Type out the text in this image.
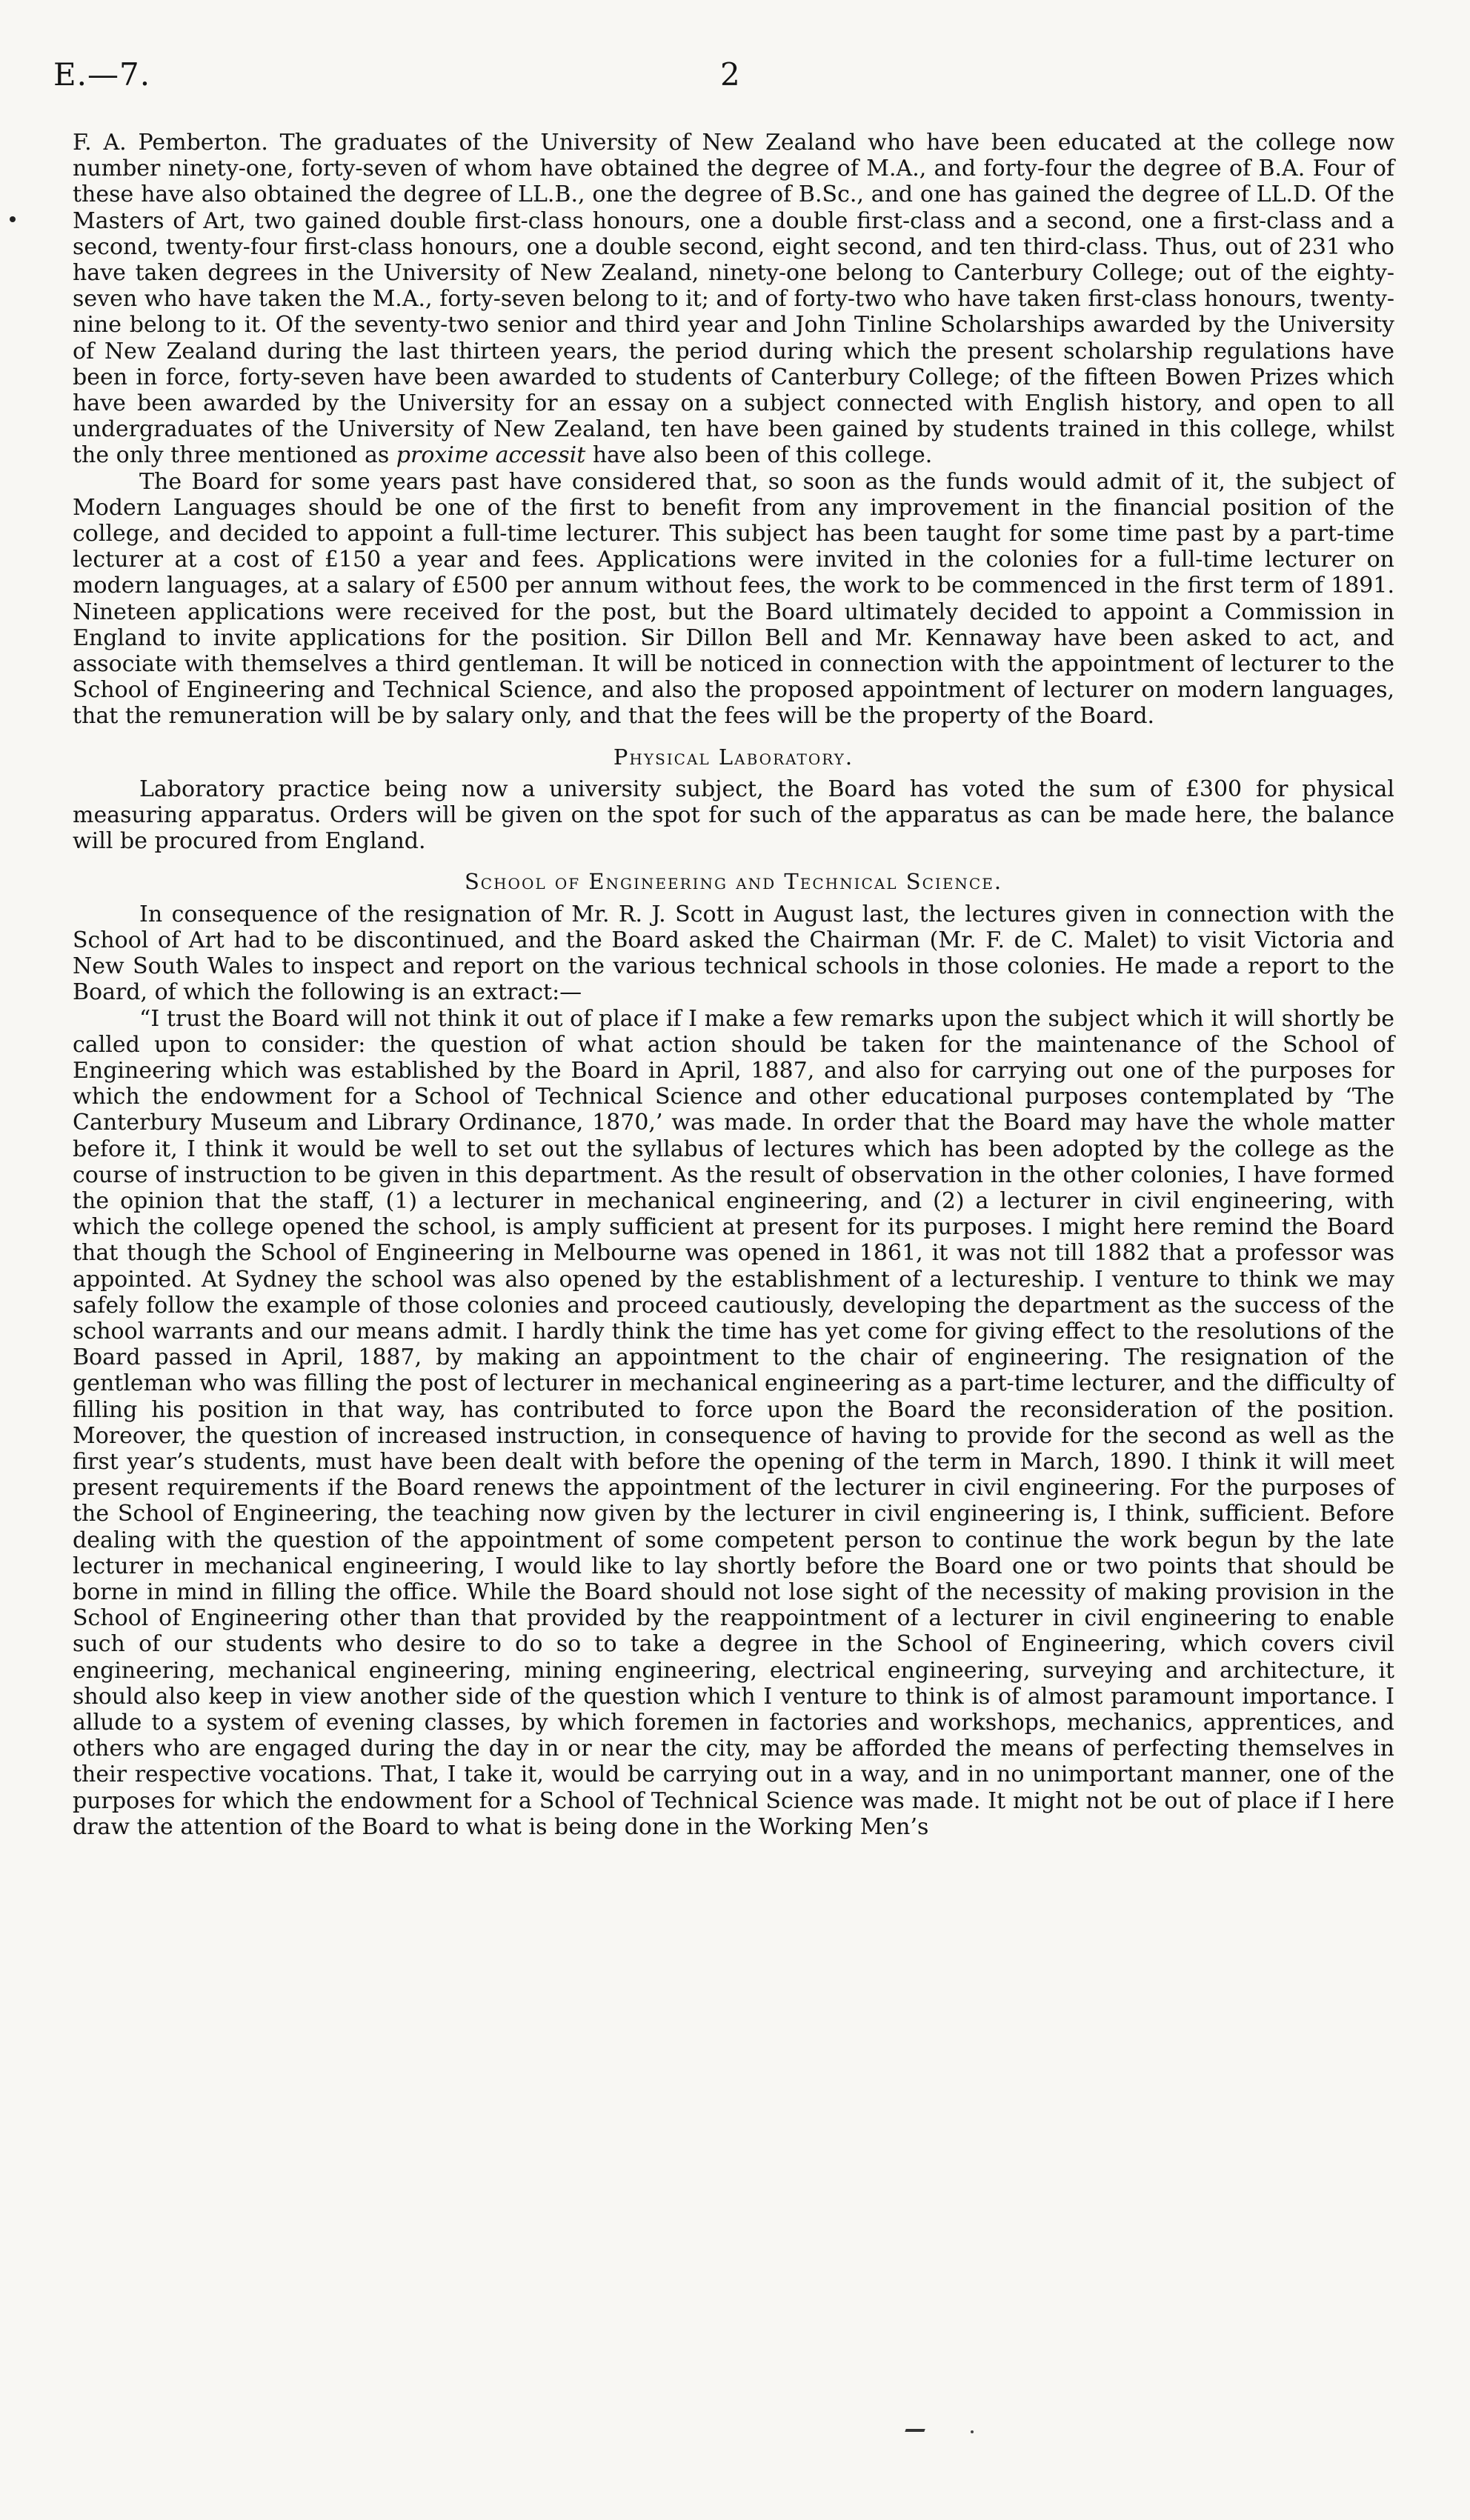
E.—7.	2

F. A. Pemberton. The graduates of the University of New Zealand who have been educated at the college now number ninety-one, forty-seven of whom have obtained the degree of M.A., and forty-four the degree of B.A. Four of these have also obtained the degree of LL.B., one the degree of B.Sc., and one has gained the degree of LL.D. Of the Masters of Art, two gained double first-class honours, one a double first-class and a second, one a first-class and a second, twenty-four first-class honours, one a double second, eight second, and ten third-class. Thus, out of 231 who have taken degrees in the University of New Zealand, ninety-one belong to Canterbury College; out of the eighty-seven who have taken the M.A., forty-seven belong to it; and of forty-two who have taken first-class honours, twenty-nine belong to it. Of the seventy-two senior and third year and John Tinline Scholarships awarded by the University of New Zealand during the last thirteen years, the period during which the present scholarship regulations have been in force, forty-seven have been awarded to students of Canterbury College; of the fifteen Bowen Prizes which have been awarded by the University for an essay on a subject connected with English history, and open to all undergraduates of the University of New Zealand, ten have been gained by students trained in this college, whilst the only three mentioned as proxime accessit have also been of this college.

The Board for some years past have considered that, so soon as the funds would admit of it, the subject of Modern Languages should be one of the first to benefit from any improvement in the financial position of the college, and decided to appoint a full-time lecturer. This subject has been taught for some time past by a part-time lecturer at a cost of £150 a year and fees. Applications were invited in the colonies for a full-time lecturer on modern languages, at a salary of £500 per annum without fees, the work to be commenced in the first term of 1891. Nineteen applications were received for the post, but the Board ultimately decided to appoint a Commission in England to invite applications for the position. Sir Dillon Bell and Mr. Kennaway have been asked to act, and associate with themselves a third gentleman. It will be noticed in connection with the appointment of lecturer to the School of Engineering and Technical Science, and also the proposed appointment of lecturer on modern languages, that the remuneration will be by salary only, and that the fees will be the property of the Board.

Physical Laboratory.

Laboratory practice being now a university subject, the Board has voted the sum of £300 for physical measuring apparatus. Orders will be given on the spot for such of the apparatus as can be made here, the balance will be procured from England.

School of Engineering and Technical Science.

In consequence of the resignation of Mr. R. J. Scott in August last, the lectures given in connection with the School of Art had to be discontinued, and the Board asked the Chairman (Mr. F. de C. Malet) to visit Victoria and New South Wales to inspect and report on the various technical schools in those colonies. He made a report to the Board, of which the following is an extract:—

“I trust the Board will not think it out of place if I make a few remarks upon the subject which it will shortly be called upon to consider: the question of what action should be taken for the maintenance of the School of Engineering which was established by the Board in April, 1887, and also for carrying out one of the purposes for which the endowment for a School of Technical Science and other educational purposes contemplated by ‘The Canterbury Museum and Library Ordinance, 1870,’ was made. In order that the Board may have the whole matter before it, I think it would be well to set out the syllabus of lectures which has been adopted by the college as the course of instruction to be given in this department. As the result of observation in the other colonies, I have formed the opinion that the staff, (1) a lecturer in mechanical engineering, and (2) a lecturer in civil engineering, with which the college opened the school, is amply sufficient at present for its purposes. I might here remind the Board that though the School of Engineering in Melbourne was opened in 1861, it was not till 1882 that a professor was appointed. At Sydney the school was also opened by the establishment of a lectureship. I venture to think we may safely follow the example of those colonies and proceed cautiously, developing the department as the success of the school warrants and our means admit. I hardly think the time has yet come for giving effect to the resolutions of the Board passed in April, 1887, by making an appointment to the chair of engineering. The resignation of the gentleman who was filling the post of lecturer in mechanical engineering as a part-time lecturer, and the difficulty of filling his position in that way, has contributed to force upon the Board the reconsideration of the position. Moreover, the question of increased instruction, in consequence of having to provide for the second as well as the first year’s students, must have been dealt with before the opening of the term in March, 1890. I think it will meet present requirements if the Board renews the appointment of the lecturer in civil engineering. For the purposes of the School of Engineering, the teaching now given by the lecturer in civil engineering is, I think, sufficient. Before dealing with the question of the appointment of some competent person to continue the work begun by the late lecturer in mechanical engineering, I would like to lay shortly before the Board one or two points that should be borne in mind in filling the office. While the Board should not lose sight of the necessity of making provision in the School of Engineering other than that provided by the reappointment of a lecturer in civil engineering to enable such of our students who desire to do so to take a degree in the School of Engineering, which covers civil engineering, mechanical engineering, mining engineering, electrical engineering, surveying and architecture, it should also keep in view another side of the question which I venture to think is of almost paramount importance. I allude to a system of evening classes, by which foremen in factories and workshops, mechanics, apprentices, and others who are engaged during the day in or near the city, may be afforded the means of perfecting themselves in their respective vocations. That, I take it, would be carrying out in a way, and in no unimportant manner, one of the purposes for which the endowment for a School of Technical Science was made. It might not be out of place if I here draw the attention of the Board to what is being done in the Working Men’s
